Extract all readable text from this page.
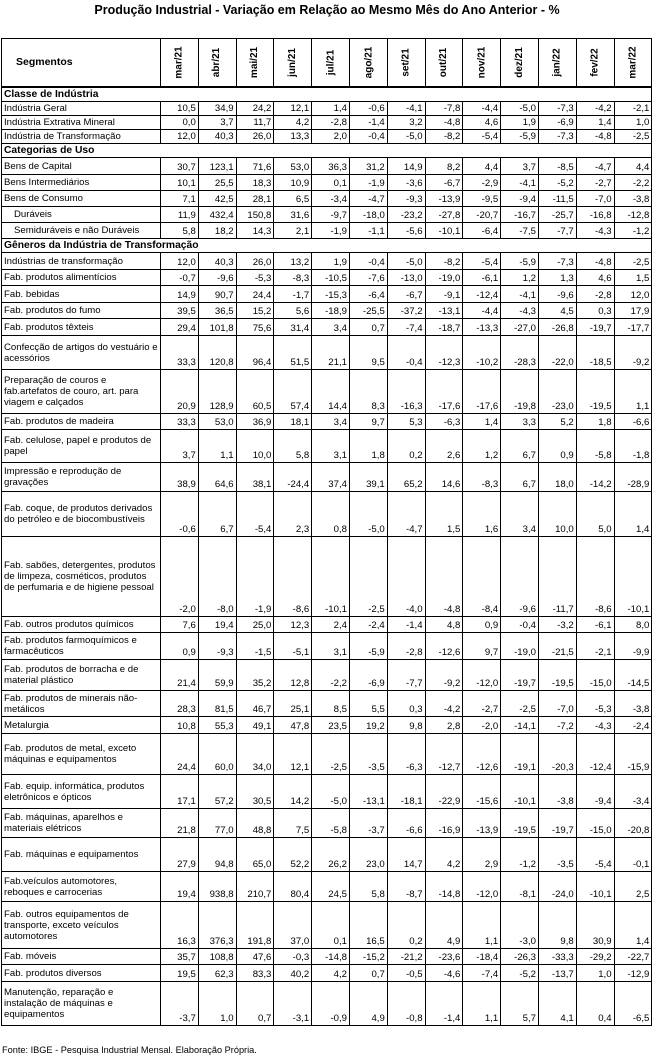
Produção Industrial - Variação em Relação ao Mesmo Mês do Ano Anterior - %
Segmentos	mar/21	abr/21	mai/21	jun/21	jul/21	ago/21	set/21	out/21	nov/21	dez/21	jan/22	fev/22	mar/22
Classe de Indústria													
Indústria Geral	10,5	34,9	24,2	12,1	1,4	-0,6	-4,1	-7,8	-4,4	-5,0	-7,3	-4,2	-2,1
Indústria Extrativa Mineral	0,0	3,7	11,7	4,2	-2,8	-1,4	3,2	-4,8	4,6	1,9	-6,9	1,4	1,0
Indústria de Transformação	12,0	40,3	26,0	13,3	2,0	-0,4	-5,0	-8,2	-5,4	-5,9	-7,3	-4,8	-2,5
Categorias de Uso													
Bens de Capital	30,7	123,1	71,6	53,0	36,3	31,2	14,9	8,2	4,4	3,7	-8,5	-4,7	4,4
Bens Intermediários	10,1	25,5	18,3	10,9	0,1	-1,9	-3,6	-6,7	-2,9	-4,1	-5,2	-2,7	-2,2
Bens de Consumo	7,1	42,5	28,1	6,5	-3,4	-4,7	-9,3	-13,9	-9,5	-9,4	-11,5	-7,0	-3,8
Duráveis	11,9	432,4	150,8	31,6	-9,7	-18,0	-23,2	-27,8	-20,7	-16,7	-25,7	-16,8	-12,8
Semiduráveis e não Duráveis	5,8	18,2	14,3	2,1	-1,9	-1,1	-5,6	-10,1	-6,4	-7,5	-7,7	-4,3	-1,2
Gêneros da Indústria de Transformação													
Indústrias de transformação	12,0	40,3	26,0	13,2	1,9	-0,4	-5,0	-8,2	-5,4	-5,9	-7,3	-4,8	-2,5
Fab. produtos alimentícios	-0,7	-9,6	-5,3	-8,3	-10,5	-7,6	-13,0	-19,0	-6,1	1,2	1,3	4,6	1,5
Fab. bebidas	14,9	90,7	24,4	-1,7	-15,3	-6,4	-6,7	-9,1	-12,4	-4,1	-9,6	-2,8	12,0
Fab. produtos do fumo	39,5	36,5	15,2	5,6	-18,9	-25,5	-37,2	-13,1	-4,4	-4,3	4,5	0,3	17,9
Fab. produtos têxteis	29,4	101,8	75,6	31,4	3,4	0,7	-7,4	-18,7	-13,3	-27,0	-26,8	-19,7	-17,7
Confecção de artigos do vestuário e acessórios	33,3	120,8	96,4	51,5	21,1	9,5	-0,4	-12,3	-10,2	-28,3	-22,0	-18,5	-9,2
Preparação de couros e fab.artefatos de couro, art. para viagem e calçados	20,9	128,9	60,5	57,4	14,4	8,3	-16,3	-17,6	-17,6	-19,8	-23,0	-19,5	1,1
Fab. produtos de madeira	33,3	53,0	36,9	18,1	3,4	9,7	5,3	-6,3	1,4	3,3	5,2	1,8	-6,6
Fab. celulose, papel e produtos de papel	3,7	1,1	10,0	5,8	3,1	1,8	0,2	2,6	1,2	6,7	0,9	-5,8	-1,8
Impressão e reprodução de gravações	38,9	64,6	38,1	-24,4	37,4	39,1	65,2	14,6	-8,3	6,7	18,0	-14,2	-28,9
Fab. coque, de produtos derivados do petróleo e de biocombustíveis	-0,6	6,7	-5,4	2,3	0,8	-5,0	-4,7	1,5	1,6	3,4	10,0	5,0	1,4
Fab. sabões, detergentes, produtos de limpeza, cosméticos, produtos de perfumaria e de higiene pessoal	-2,0	-8,0	-1,9	-8,6	-10,1	-2,5	-4,0	-4,8	-8,4	-9,6	-11,7	-8,6	-10,1
Fab. outros produtos químicos	7,6	19,4	25,0	12,3	2,4	-2,4	-1,4	4,8	0,9	-0,4	-3,2	-6,1	8,0
Fab. produtos farmoquímicos e farmacêuticos	0,9	-9,3	-1,5	-5,1	3,1	-5,9	-2,8	-12,6	9,7	-19,0	-21,5	-2,1	-9,9
Fab. produtos de borracha e de material plástico	21,4	59,9	35,2	12,8	-2,2	-6,9	-7,7	-9,2	-12,0	-19,7	-19,5	-15,0	-14,5
Fab. produtos de minerais não-metálicos	28,3	81,5	46,7	25,1	8,5	5,5	0,3	-4,2	-2,7	-2,5	-7,0	-5,3	-3,8
Metalurgia	10,8	55,3	49,1	47,8	23,5	19,2	9,8	2,8	-2,0	-14,1	-7,2	-4,3	-2,4
Fab. produtos de metal, exceto máquinas e equipamentos	24,4	60,0	34,0	12,1	-2,5	-3,5	-6,3	-12,7	-12,6	-19,1	-20,3	-12,4	-15,9
Fab. equip. informática, produtos eletrônicos e ópticos	17,1	57,2	30,5	14,2	-5,0	-13,1	-18,1	-22,9	-15,6	-10,1	-3,8	-9,4	-3,4
Fab. máquinas, aparelhos e materiais elétricos	21,8	77,0	48,8	7,5	-5,8	-3,7	-6,6	-16,9	-13,9	-19,5	-19,7	-15,0	-20,8
Fab. máquinas e equipamentos	27,9	94,8	65,0	52,2	26,2	23,0	14,7	4,2	2,9	-1,2	-3,5	-5,4	-0,1
Fab.veículos automotores, reboques e carrocerias	19,4	938,8	210,7	80,4	24,5	5,8	-8,7	-14,8	-12,0	-8,1	-24,0	-10,1	2,5
Fab. outros equipamentos de transporte, exceto veículos automotores	16,3	376,3	191,8	37,0	0,1	16,5	0,2	4,9	1,1	-3,0	9,8	30,9	1,4
Fab. móveis	35,7	108,8	47,6	-0,3	-14,8	-15,2	-21,2	-23,6	-18,4	-26,3	-33,3	-29,2	-22,7
Fab. produtos diversos	19,5	62,3	83,3	40,2	4,2	0,7	-0,5	-4,6	-7,4	-5,2	-13,7	1,0	-12,9
Manutenção, reparação e instalação de máquinas e equipamentos	-3,7	1,0	0,7	-3,1	-0,9	4,9	-0,8	-1,4	1,1	5,7	4,1	0,4	-6,5
Fonte: IBGE - Pesquisa Industrial Mensal. Elaboração Própria.
